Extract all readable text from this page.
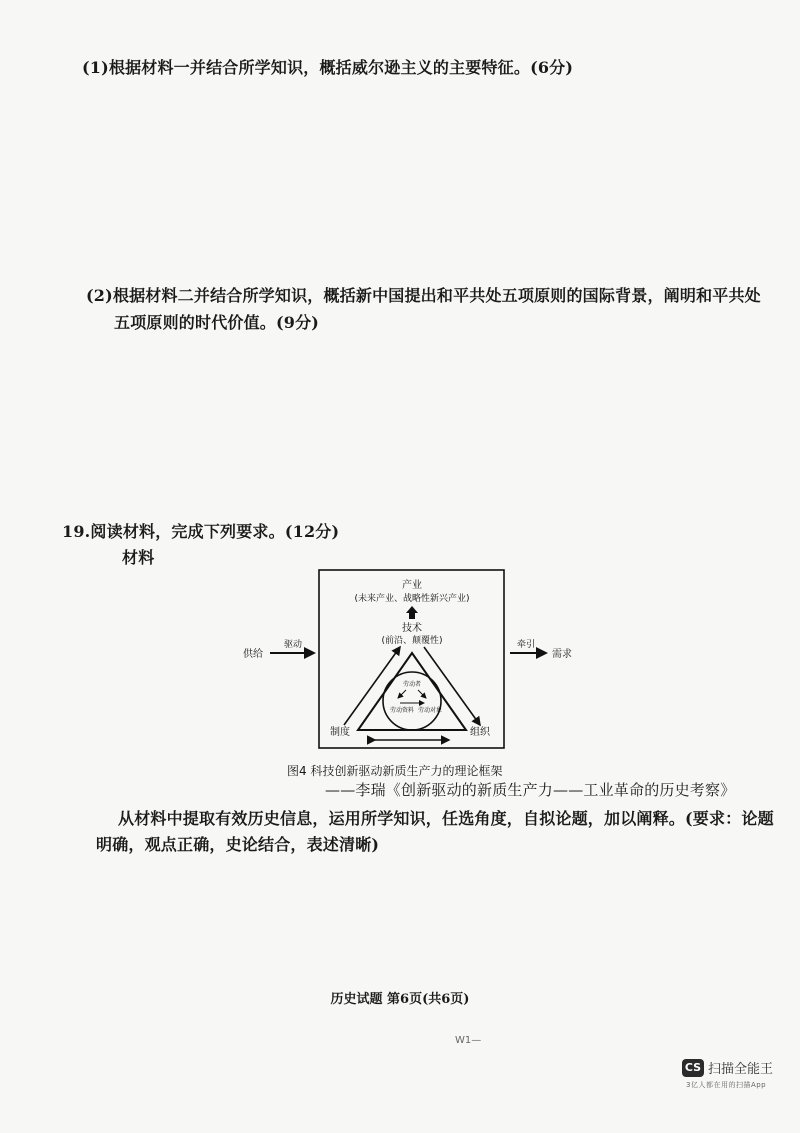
(1)根据材料一并结合所学知识，概括威尔逊主义的主要特征。(6分)
(2)根据材料二并结合所学知识，概括新中国提出和平共处五项原则的国际背景，阐明和平共处
五项原则的时代价值。(9分)
19.阅读材料，完成下列要求。(12分)
材料
产业
(未来产业、战略性新兴产业)
技术
(前沿、颠覆性)
供给
驱动	牵引
需求
劳动者
劳动资料 劳动对象
制度	组织
图4 科技创新驱动新质生产力的理论框架
——李瑞《创新驱动的新质生产力——工业革命的历史考察》
从材料中提取有效历史信息，运用所学知识，任选角度，自拟论题，加以阐释。(要求：论题
明确，观点正确，史论结合，表述清晰)
历史试题 第6页(共6页)
W1—
CS 扫描全能王
3亿人都在用的扫描App
